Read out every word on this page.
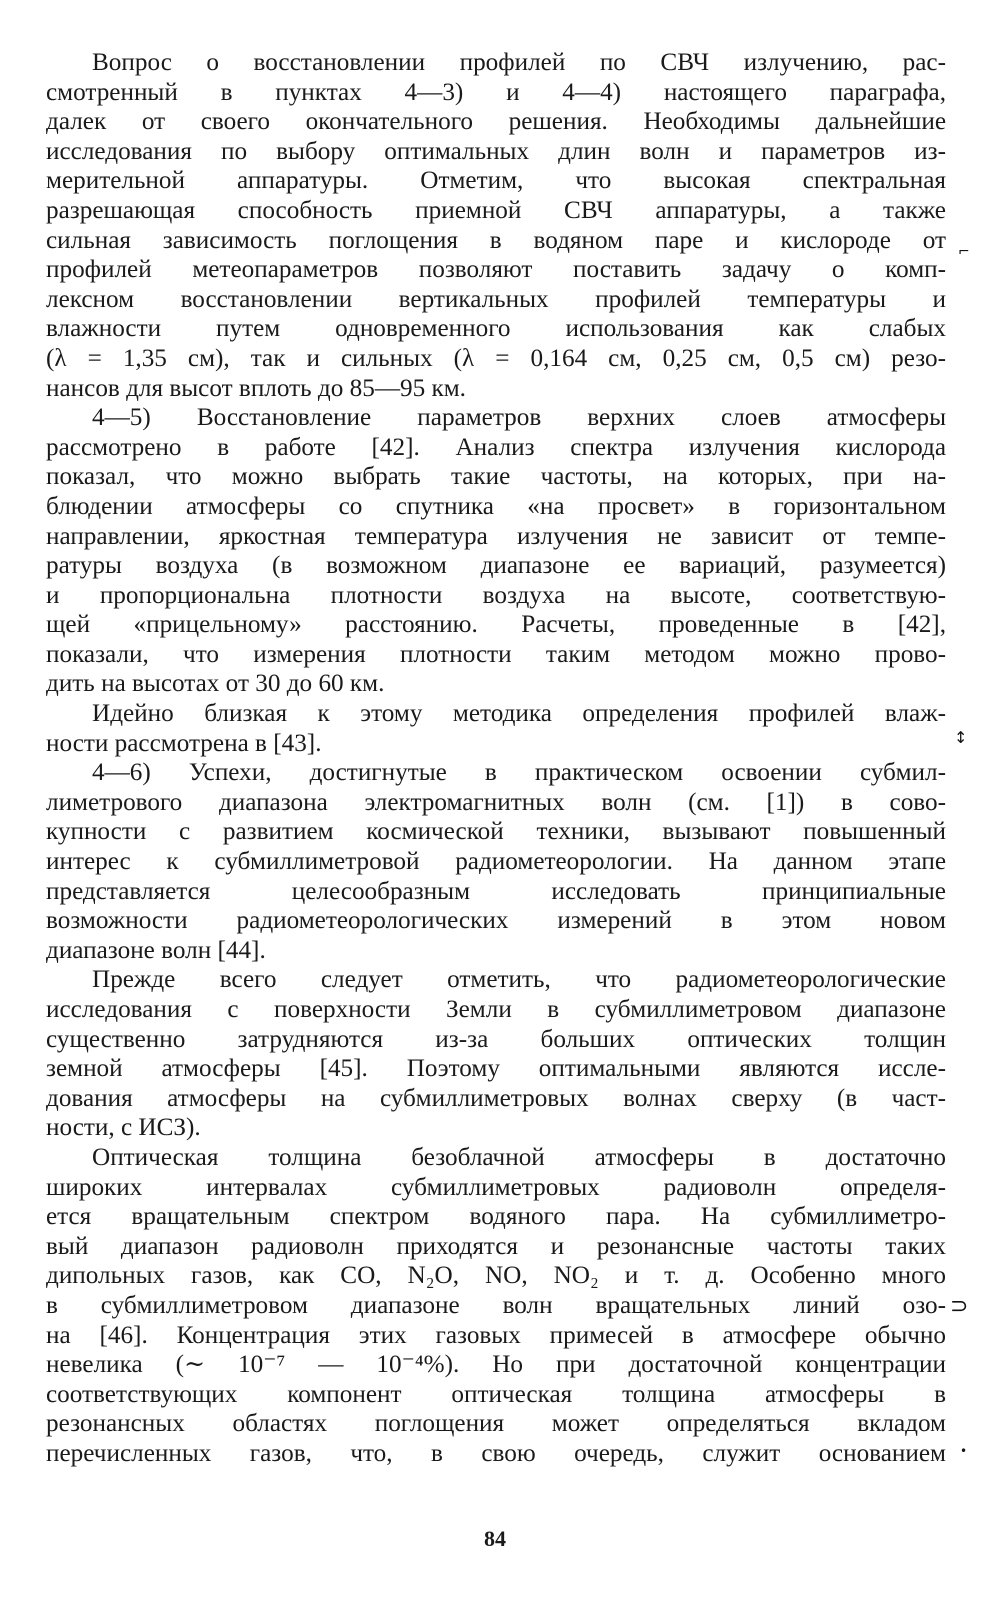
Вопрос о восстановлении профилей по СВЧ излучению, рас-
смотренный в пунктах 4—3) и 4—4) настоящего параграфа,
далек от своего окончательного решения. Необходимы дальнейшие
исследования по выбору оптимальных длин волн и параметров из-
мерительной аппаратуры. Отметим, что высокая спектральная
разрешающая способность приемной СВЧ аппаратуры, а также
сильная зависимость поглощения в водяном паре и кислороде от
профилей метеопараметров позволяют поставить задачу о комп-
лексном восстановлении вертикальных профилей температуры и
влажности путем одновременного использования как слабых
(λ = 1,35 см), так и сильных (λ = 0,164 см, 0,25 см, 0,5 см) резо-
нансов для высот вплоть до 85—95 км.
4—5) Восстановление параметров верхних слоев атмосферы
рассмотрено в работе [42]. Анализ спектра излучения кислорода
показал, что можно выбрать такие частоты, на которых, при на-
блюдении атмосферы со спутника «на просвет» в горизонтальном
направлении, яркостная температура излучения не зависит от темпе-
ратуры воздуха (в возможном диапазоне ее вариаций, разумеется)
и пропорциональна плотности воздуха на высоте, соответствую-
щей «прицельному» расстоянию. Расчеты, проведенные в [42],
показали, что измерения плотности таким методом можно прово-
дить на высотах от 30 до 60 км.
Идейно близкая к этому методика определения профилей влаж-
ности рассмотрена в [43].
4—6) Успехи, достигнутые в практическом освоении субмил-
лиметрового диапазона электромагнитных волн (см. [1]) в сово-
купности с развитием космической техники, вызывают повышенный
интерес к субмиллиметровой радиометеорологии. На данном этапе
представляется целесообразным исследовать принципиальные
возможности радиометеорологических измерений в этом новом
диапазоне волн [44].
Прежде всего следует отметить, что радиометеорологические
исследования с поверхности Земли в субмиллиметровом диапазоне
существенно затрудняются из-за больших оптических толщин
земной атмосферы [45]. Поэтому оптимальными являются иссле-
дования атмосферы на субмиллиметровых волнах сверху (в част-
ности, с ИСЗ).
Оптическая толщина безоблачной атмосферы в достаточно
широких интервалах субмиллиметровых радиоволн определя-
ется вращательным спектром водяного пара. На субмиллиметро-
вый диапазон радиоволн приходятся и резонансные частоты таких
дипольных газов, как CO, N₂O, NO, NO₂ и т. д. Особенно много
в субмиллиметровом диапазоне волн вращательных линий озо-
на [46]. Концентрация этих газовых примесей в атмосфере обычно
невелика (∼ 10⁻⁷ — 10⁻⁴%). Но при достаточной концентрации
соответствующих компонент оптическая толщина атмосферы в
резонансных областях поглощения может определяться вкладом
перечисленных газов, что, в свою очередь, служит основанием
⌐
↕
⊃
•
84
